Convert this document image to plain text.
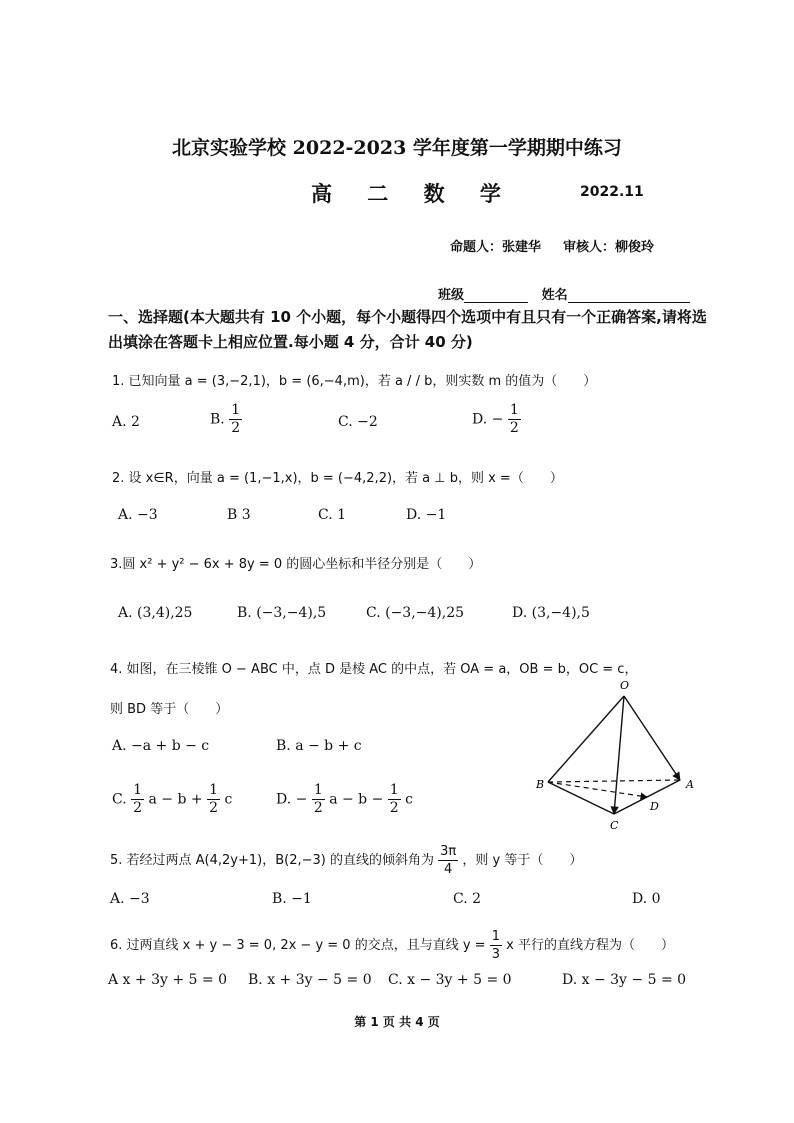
北京实验学校 2022-2023 学年度第一学期期中练习
高 二 数 学	2022.11
命题人：张建华 审核人：柳俊玲
班级	姓名
一、选择题(本大题共有 10 个小题，每个小题得四个选项中有且只有一个正确答案,请将选出填涂在答题卡上相应位置.每小题 4 分，合计 40 分)
1. 已知向量 a = (3,−2,1)，b = (6,−4,m)，若 a / / b，则实数 m 的值为（　　）
A. 2	B. $\frac{1}{2}$	C. −2	D. − $\frac{1}{2}$
2. 设 x∈R，向量 a = (1,−1,x)，b = (−4,2,2)，若 a ⊥ b，则 x =（　　）
A. −3	B 3	C. 1	D. −1
3.圆 x² + y² − 6x + 8y = 0 的圆心坐标和半径分别是（　　）
A. (3,4),25	B. (−3,−4),5	C. (−3,−4),25	D. (3,−4),5
4. 如图，在三棱锥 O − ABC 中，点 D 是棱 AC 的中点，若 OA = a，OB = b，OC = c，
则 BD 等于（　　）
A. −a + b − c	B. a − b + c
C. $\frac{1}{2}$ $a - b + \frac{1}{2}$ c	D. − $\frac{1}{2}$ $a - b - \frac{1}{2}$ c
O
B	A
C
D
5. 若经过两点 A(4,2y+1)，B(2,−3) 的直线的倾斜角为 $\frac{3\pi}{4}$ ，则 y 等于（　　）
A. −3	B. −1	C. 2	D. 0
6. 过两直线 x + y − 3 = 0, 2x − y = 0 的交点，且与直线 $y = \frac{1}{3}$ x 平行的直线方程为（　　）
A x + 3y + 5 = 0 B. x + 3y − 5 = 0 C. x − 3y + 5 = 0	D. x − 3y − 5 = 0
第 1 页 共 4 页
